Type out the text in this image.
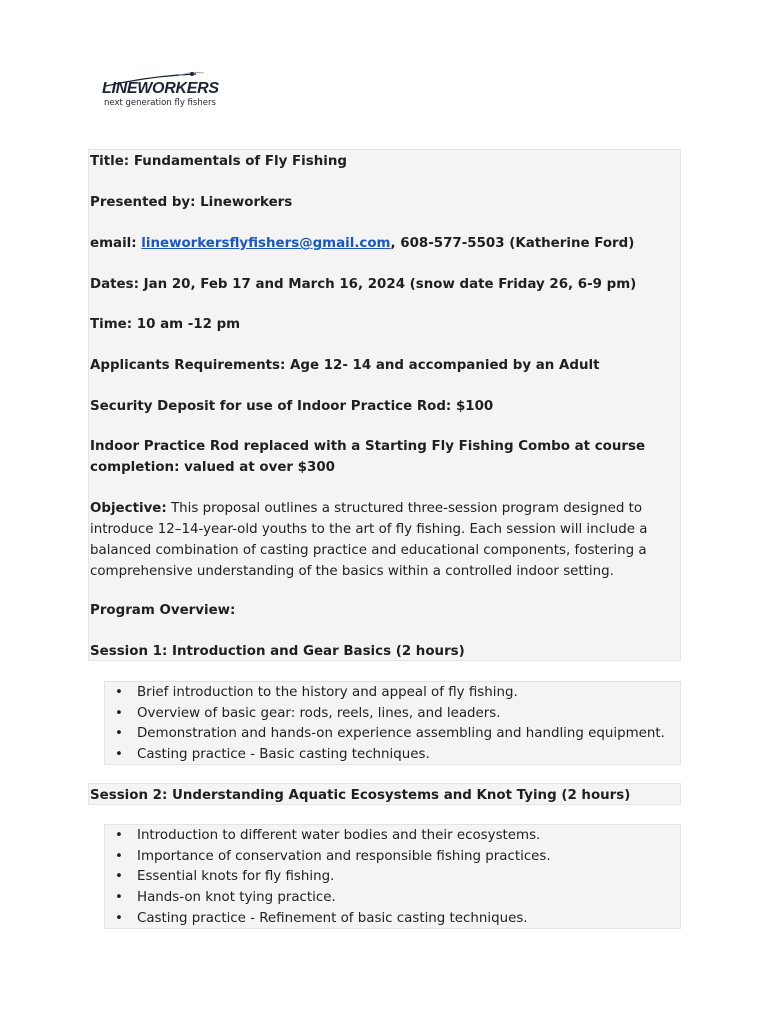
LINEWORKERS
next generation fly fishers
Title: Fundamentals of Fly Fishing
Presented by: Lineworkers
email: lineworkersflyfishers@gmail.com, 608-577-5503 (Katherine Ford)
Dates: Jan 20, Feb 17 and March 16, 2024 (snow date Friday 26, 6-9 pm)
Time: 10 am -12 pm
Applicants Requirements: Age 12- 14 and accompanied by an Adult
Security Deposit for use of Indoor Practice Rod: $100
Indoor Practice Rod replaced with a Starting Fly Fishing Combo at course
completion: valued at over $300
Objective: This proposal outlines a structured three-session program designed to introduce 12–14-year-old youths to the art of fly fishing. Each session will include a balanced combination of casting practice and educational components, fostering a comprehensive understanding of the basics within a controlled indoor setting.
Program Overview:
Session 1: Introduction and Gear Basics (2 hours)
• Brief introduction to the history and appeal of fly fishing.
• Overview of basic gear: rods, reels, lines, and leaders.
• Demonstration and hands-on experience assembling and handling equipment.
• Casting practice - Basic casting techniques.
Session 2: Understanding Aquatic Ecosystems and Knot Tying (2 hours)
• Introduction to different water bodies and their ecosystems.
• Importance of conservation and responsible fishing practices.
• Essential knots for fly fishing.
• Hands-on knot tying practice.
• Casting practice - Refinement of basic casting techniques.
